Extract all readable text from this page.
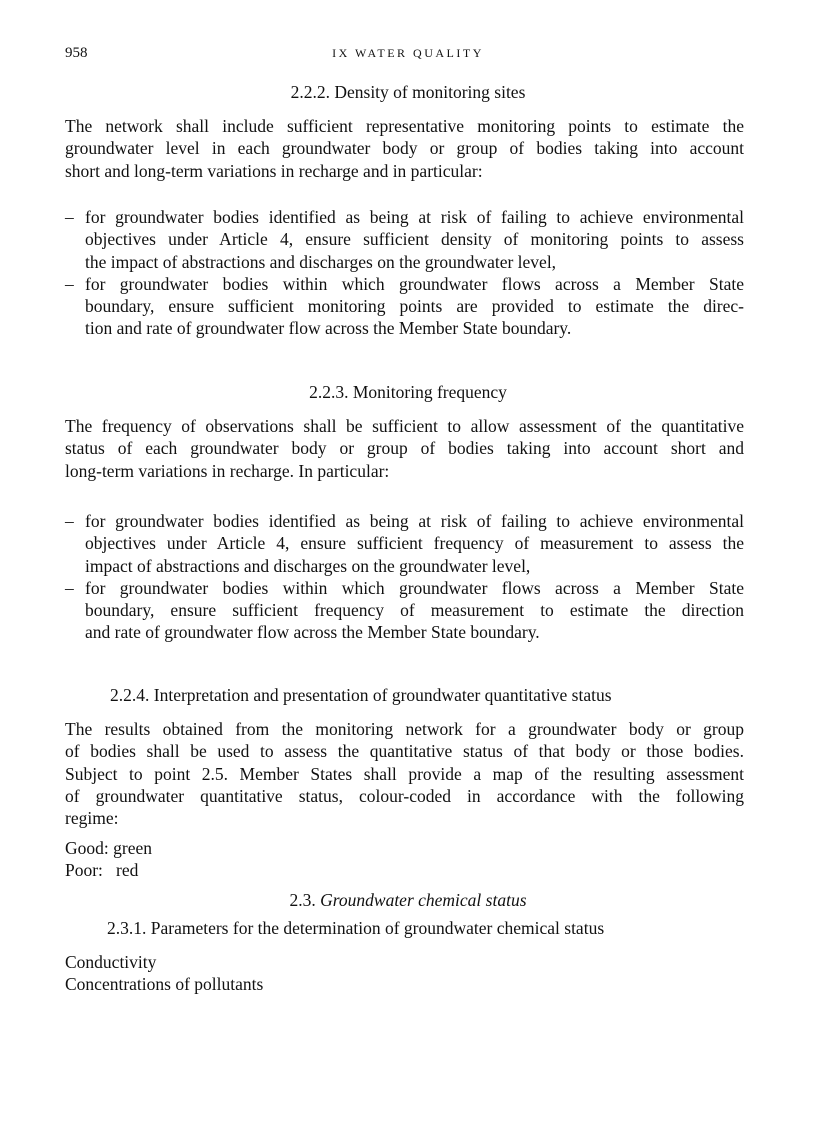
958	IX WATER QUALITY
2.2.2. Density of monitoring sites
The network shall include sufficient representative monitoring points to estimate the
groundwater level in each groundwater body or group of bodies taking into account
short and long-term variations in recharge and in particular:
– for groundwater bodies identified as being at risk of failing to achieve environmental
objectives under Article 4, ensure sufficient density of monitoring points to assess
the impact of abstractions and discharges on the groundwater level,
– for groundwater bodies within which groundwater flows across a Member State
boundary, ensure sufficient monitoring points are provided to estimate the direc-
tion and rate of groundwater flow across the Member State boundary.
2.2.3. Monitoring frequency
The frequency of observations shall be sufficient to allow assessment of the quantitative
status of each groundwater body or group of bodies taking into account short and
long-term variations in recharge. In particular:
– for groundwater bodies identified as being at risk of failing to achieve environmental
objectives under Article 4, ensure sufficient frequency of measurement to assess the
impact of abstractions and discharges on the groundwater level,
– for groundwater bodies within which groundwater flows across a Member State
boundary, ensure sufficient frequency of measurement to estimate the direction
and rate of groundwater flow across the Member State boundary.
2.2.4. Interpretation and presentation of groundwater quantitative status
The results obtained from the monitoring network for a groundwater body or group
of bodies shall be used to assess the quantitative status of that body or those bodies.
Subject to point 2.5. Member States shall provide a map of the resulting assessment
of groundwater quantitative status, colour-coded in accordance with the following
regime:
Good: green
Poor:   red
2.3. Groundwater chemical status
2.3.1. Parameters for the determination of groundwater chemical status
Conductivity
Concentrations of pollutants
